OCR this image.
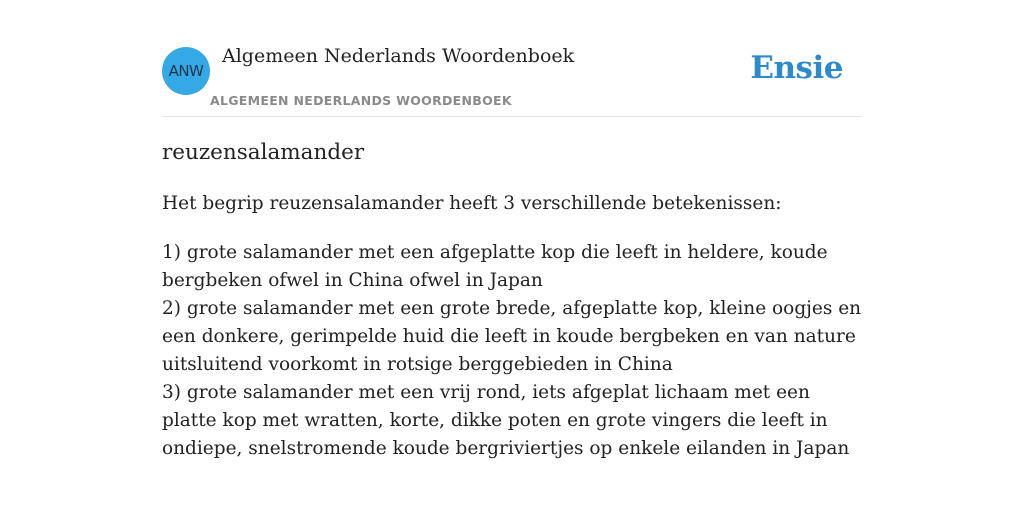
ANW
Algemeen Nederlands Woordenboek
ALGEMEEN NEDERLANDS WOORDENBOEK
Ensie
reuzensalamander

Het begrip reuzensalamander heeft 3 verschillende betekenissen:

1) grote salamander met een afgeplatte kop die leeft in heldere, koude bergbeken ofwel in China ofwel in Japan

2) grote salamander met een grote brede, afgeplatte kop, kleine oogjes en een donkere, gerimpelde huid die leeft in koude bergbeken en van nature uitsluitend voorkomt in rotsige berggebieden in China

3) grote salamander met een vrij rond, iets afgeplat lichaam met een platte kop met wratten, korte, dikke poten en grote vingers die leeft in ondiepe, snelstromende koude bergriviertjes op enkele eilanden in Japan
